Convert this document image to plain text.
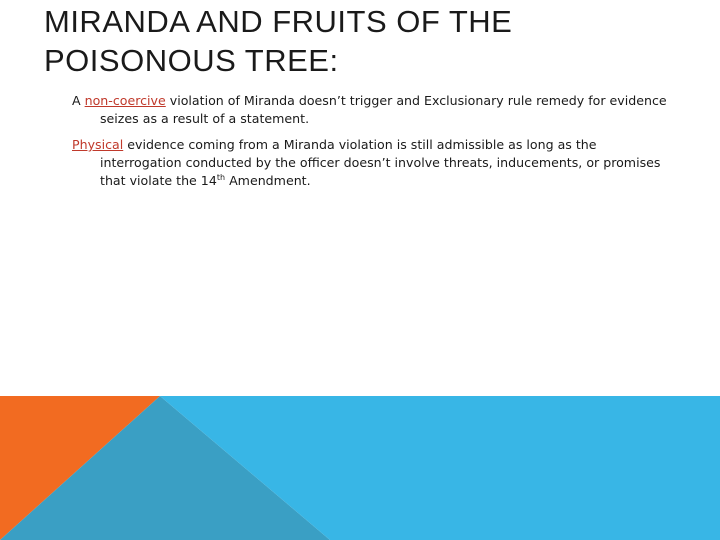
MIRANDA AND FRUITS OF THE
POISONOUS TREE:

A non-coercive violation of Miranda doesn’t trigger and Exclusionary rule remedy for evidence seizes as a result of a statement.

Physical evidence coming from a Miranda violation is still admissible as long as the interrogation conducted by the officer doesn’t involve threats, inducements, or promises that violate the 14th Amendment.
